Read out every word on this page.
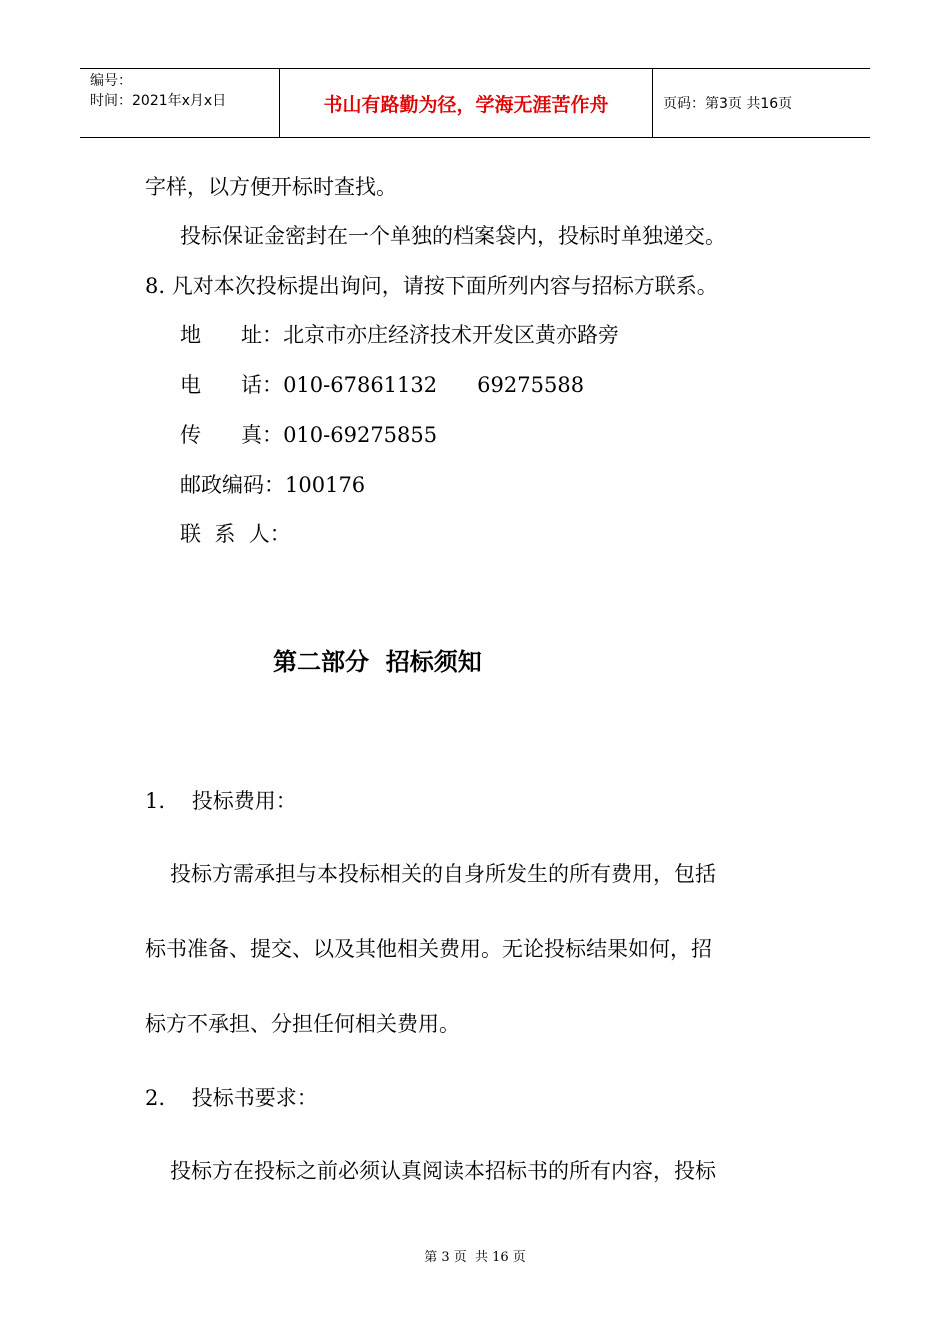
编号：
时间：2021年x月x日	书山有路勤为径，学海无涯苦作舟	页码：第3页 共16页
字样，以方便开标时查找。
投标保证金密封在一个单独的档案袋内，投标时单独递交。
8. 凡对本次投标提出询问，请按下面所列内容与招标方联系。
地      址：北京市亦庄经济技术开发区黄亦路旁
电      话：010-67861132      69275588
传      真：010-69275855
邮政编码：100176
联  系  人：
第二部分  招标须知
1.    投标费用：
投标方需承担与本投标相关的自身所发生的所有费用，包括
标书准备、提交、以及其他相关费用。无论投标结果如何，招
标方不承担、分担任何相关费用。
2.    投标书要求：
投标方在投标之前必须认真阅读本招标书的所有内容，投标
第 3 页  共 16 页
